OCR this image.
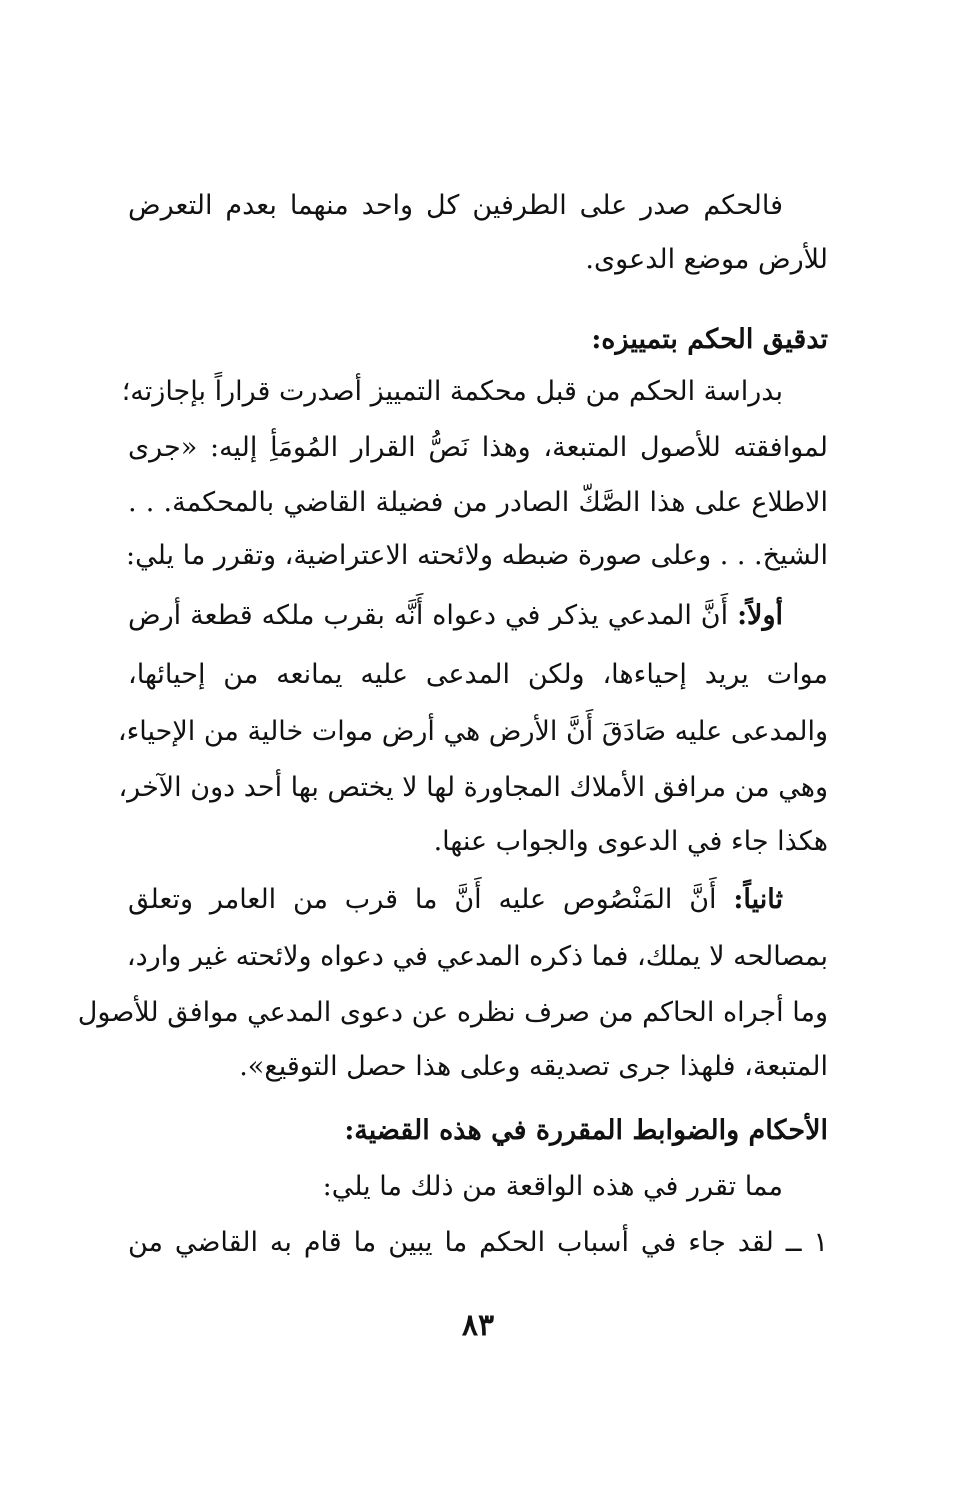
فالحكم صدر على الطرفين كل واحد منهما بعدم التعرض
للأرض موضع الدعوى.
تدقيق الحكم بتمييزه:
بدراسة الحكم من قبل محكمة التمييز أصدرت قراراً بإجازته؛
لموافقته للأصول المتبعة، وهذا نَصُّ القرار المُومَأِ إليه: «جرى
الاطلاع على هذا الصَّكّ الصادر من فضيلة القاضي بالمحكمة. . .
الشيخ. . . وعلى صورة ضبطه ولائحته الاعتراضية، وتقرر ما يلي:
أولاً: أَنَّ المدعي يذكر في دعواه أَنَّه بقرب ملكه قطعة أرض
موات يريد إحياءها، ولكن المدعى عليه يمانعه من إحيائها،
والمدعى عليه صَادَقَ أَنَّ الأرض هي أرض موات خالية من الإحياء،
وهي من مرافق الأملاك المجاورة لها لا يختص بها أحد دون الآخر،
هكذا جاء في الدعوى والجواب عنها.
ثانياً: أَنَّ المَنْصُوص عليه أَنَّ ما قرب من العامر وتعلق
بمصالحه لا يملك، فما ذكره المدعي في دعواه ولائحته غير وارد،
وما أجراه الحاكم من صرف نظره عن دعوى المدعي موافق للأصول
المتبعة، فلهذا جرى تصديقه وعلى هذا حصل التوقيع».
الأحكام والضوابط المقررة في هذه القضية:
مما تقرر في هذه الواقعة من ذلك ما يلي:
١ ــ لقد جاء في أسباب الحكم ما يبين ما قام به القاضي من
٨٣
